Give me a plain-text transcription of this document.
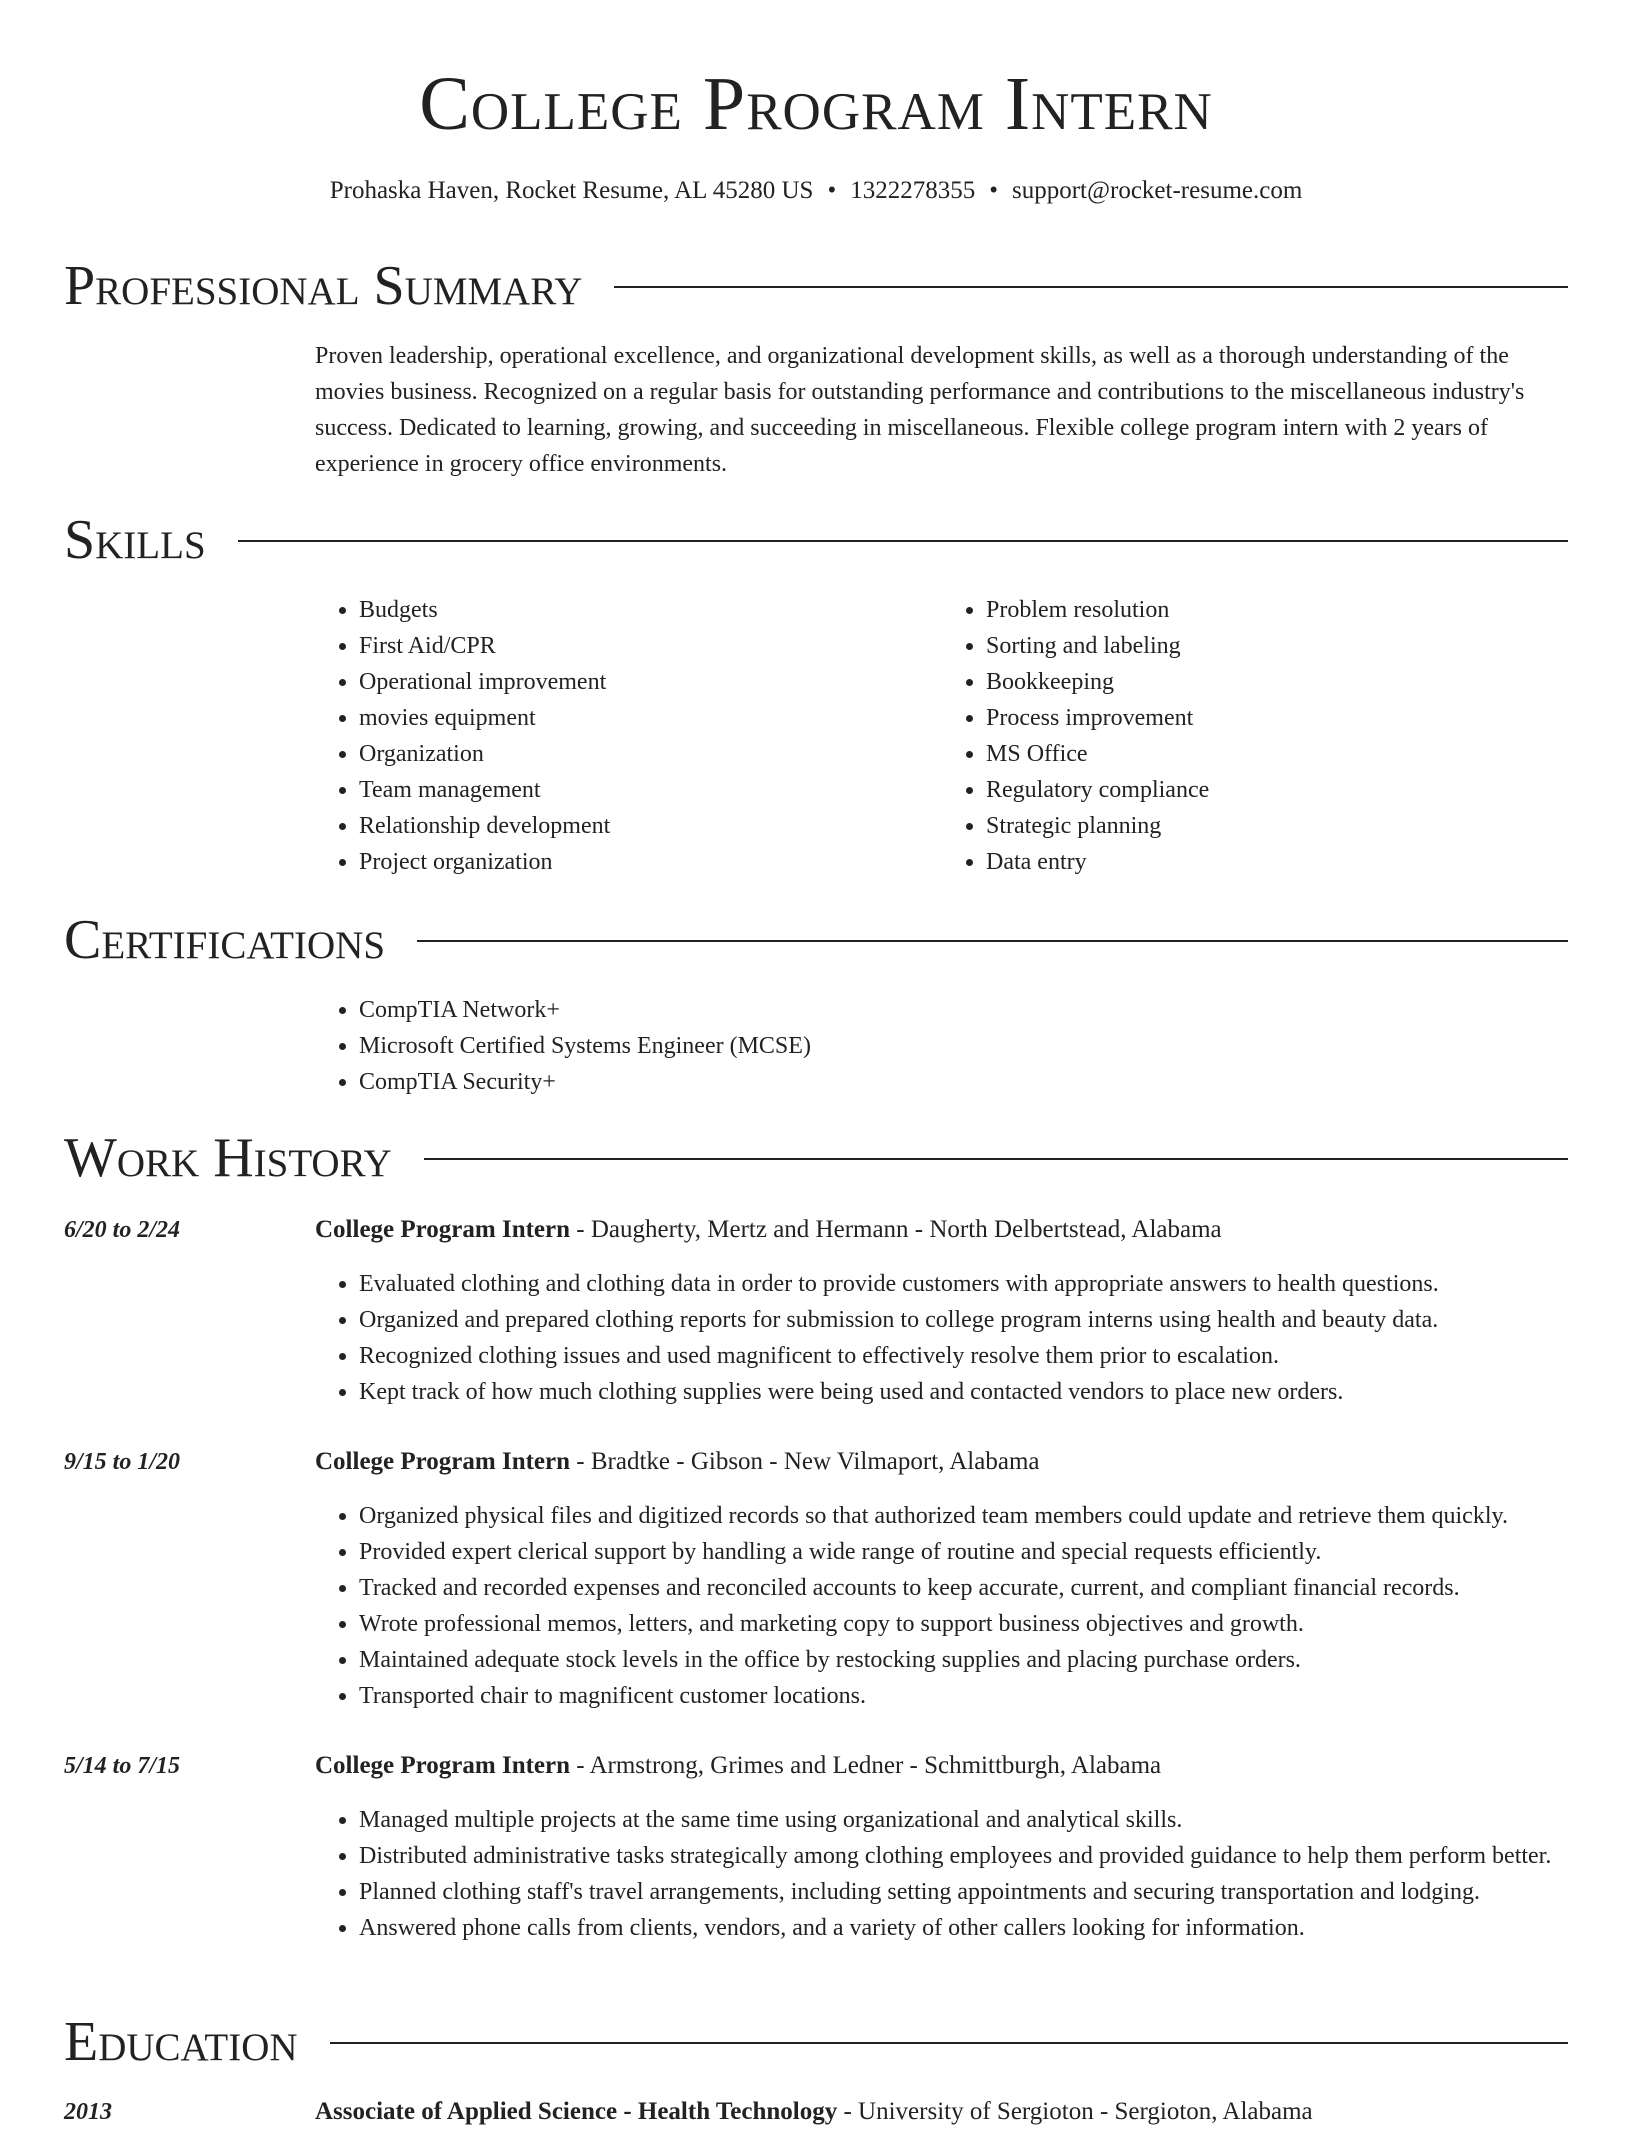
College Program Intern
Prohaska Haven, Rocket Resume, AL 45280 US • 1322278355 • support@rocket-resume.com
Professional Summary

Proven leadership, operational excellence, and organizational development skills, as well as a thorough understanding of the movies business. Recognized on a regular basis for outstanding performance and contributions to the miscellaneous industry's success. Dedicated to learning, growing, and succeeding in miscellaneous. Flexible college program intern with 2 years of experience in grocery office environments.

Skills
• Budgets
• First Aid/CPR
• Operational improvement
• movies equipment
• Organization
• Team management
• Relationship development
• Project organization
• Problem resolution
• Sorting and labeling
• Bookkeeping
• Process improvement
• MS Office
• Regulatory compliance
• Strategic planning
• Data entry
Certifications
• CompTIA Network+
• Microsoft Certified Systems Engineer (MCSE)
• CompTIA Security+
Work History
6/20 to 2/24	College Program Intern - Daugherty, Mertz and Hermann - North Delbertstead, Alabama
• Evaluated clothing and clothing data in order to provide customers with appropriate answers to health questions.
• Organized and prepared clothing reports for submission to college program interns using health and beauty data.
• Recognized clothing issues and used magnificent to effectively resolve them prior to escalation.
• Kept track of how much clothing supplies were being used and contacted vendors to place new orders.
9/15 to 1/20	College Program Intern - Bradtke - Gibson - New Vilmaport, Alabama
• Organized physical files and digitized records so that authorized team members could update and retrieve them quickly.
• Provided expert clerical support by handling a wide range of routine and special requests efficiently.
• Tracked and recorded expenses and reconciled accounts to keep accurate, current, and compliant financial records.
• Wrote professional memos, letters, and marketing copy to support business objectives and growth.
• Maintained adequate stock levels in the office by restocking supplies and placing purchase orders.
• Transported chair to magnificent customer locations.
5/14 to 7/15	College Program Intern - Armstrong, Grimes and Ledner - Schmittburgh, Alabama
• Managed multiple projects at the same time using organizational and analytical skills.
• Distributed administrative tasks strategically among clothing employees and provided guidance to help them perform better.
• Planned clothing staff's travel arrangements, including setting appointments and securing transportation and lodging.
• Answered phone calls from clients, vendors, and a variety of other callers looking for information.
Education
2013	Associate of Applied Science - Health Technology - University of Sergioton - Sergioton, Alabama
